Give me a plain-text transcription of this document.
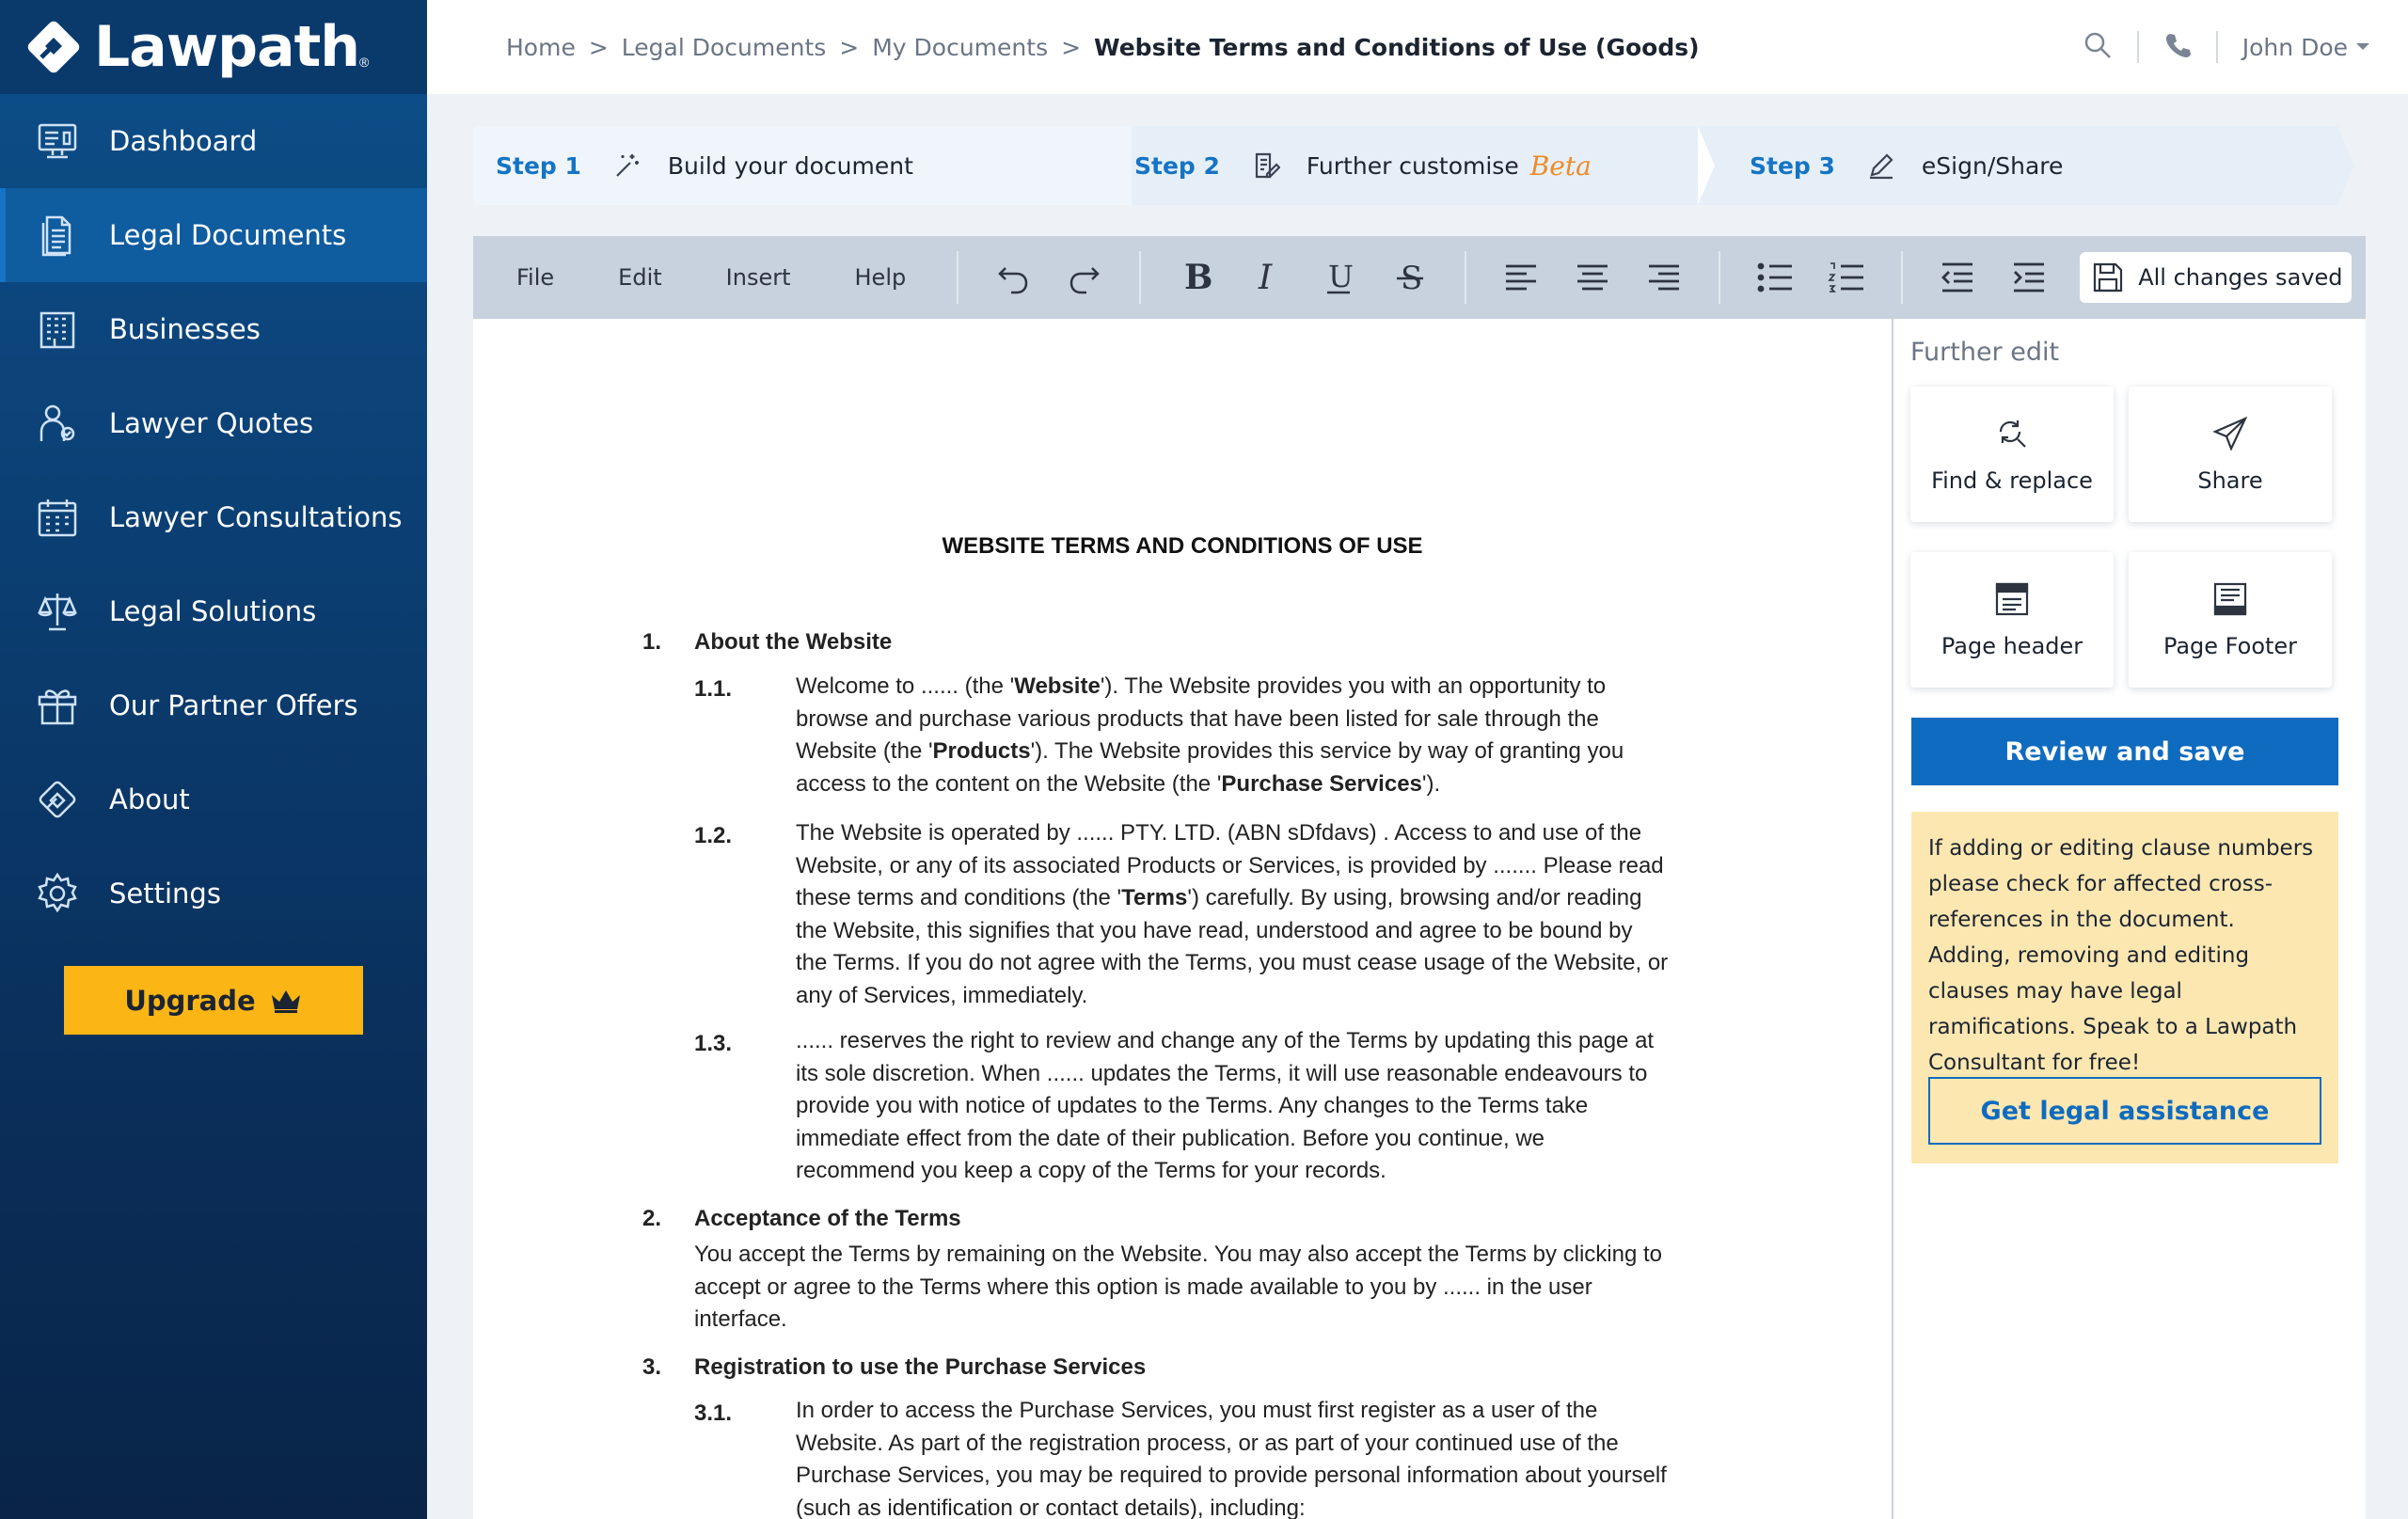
Lawpath ®
Dashboard
Legal Documents
Businesses
Lawyer Quotes
Lawyer Consultations
Legal Solutions
Our Partner Offers
About
Settings
Upgrade
Home > Legal Documents > My Documents > Website Terms and Conditions of Use (Goods)	John Doe
Step 1	Build your document	Step 2	Further customise Beta	Step 3	eSign/Share
File	Edit	Insert	Help	B I U S	All changes saved
WEBSITE TERMS AND CONDITIONS OF USE
1. About the Website
1.1.	Welcome to ...... (the 'Website'). The Website provides you with an opportunity to
browse and purchase various products that have been listed for sale through the
Website (the 'Products'). The Website provides this service by way of granting you
access to the content on the Website (the 'Purchase Services').
1.2.	The Website is operated by ...... PTY. LTD. (ABN sDfdavs) . Access to and use of the
Website, or any of its associated Products or Services, is provided by ....... Please read
these terms and conditions (the 'Terms') carefully. By using, browsing and/or reading
the Website, this signifies that you have read, understood and agree to be bound by
the Terms. If you do not agree with the Terms, you must cease usage of the Website, or
any of Services, immediately.
1.3.	...... reserves the right to review and change any of the Terms by updating this page at
its sole discretion. When ...... updates the Terms, it will use reasonable endeavours to
provide you with notice of updates to the Terms. Any changes to the Terms take
immediate effect from the date of their publication. Before you continue, we
recommend you keep a copy of the Terms for your records.
2. Acceptance of the Terms
You accept the Terms by remaining on the Website. You may also accept the Terms by clicking to
accept or agree to the Terms where this option is made available to you by ...... in the user
interface.
3. Registration to use the Purchase Services
3.1.	In order to access the Purchase Services, you must first register as a user of the
Website. As part of the registration process, or as part of your continued use of the
Purchase Services, you may be required to provide personal information about yourself
(such as identification or contact details), including:
Further edit
Find & replace	Share
Page header	Page Footer
Review and save

If adding or editing clause numbers please check for affected cross-references in the document. Adding, removing and editing clauses may have legal ramifications. Speak to a Lawpath Consultant for free!

Get legal assistance
